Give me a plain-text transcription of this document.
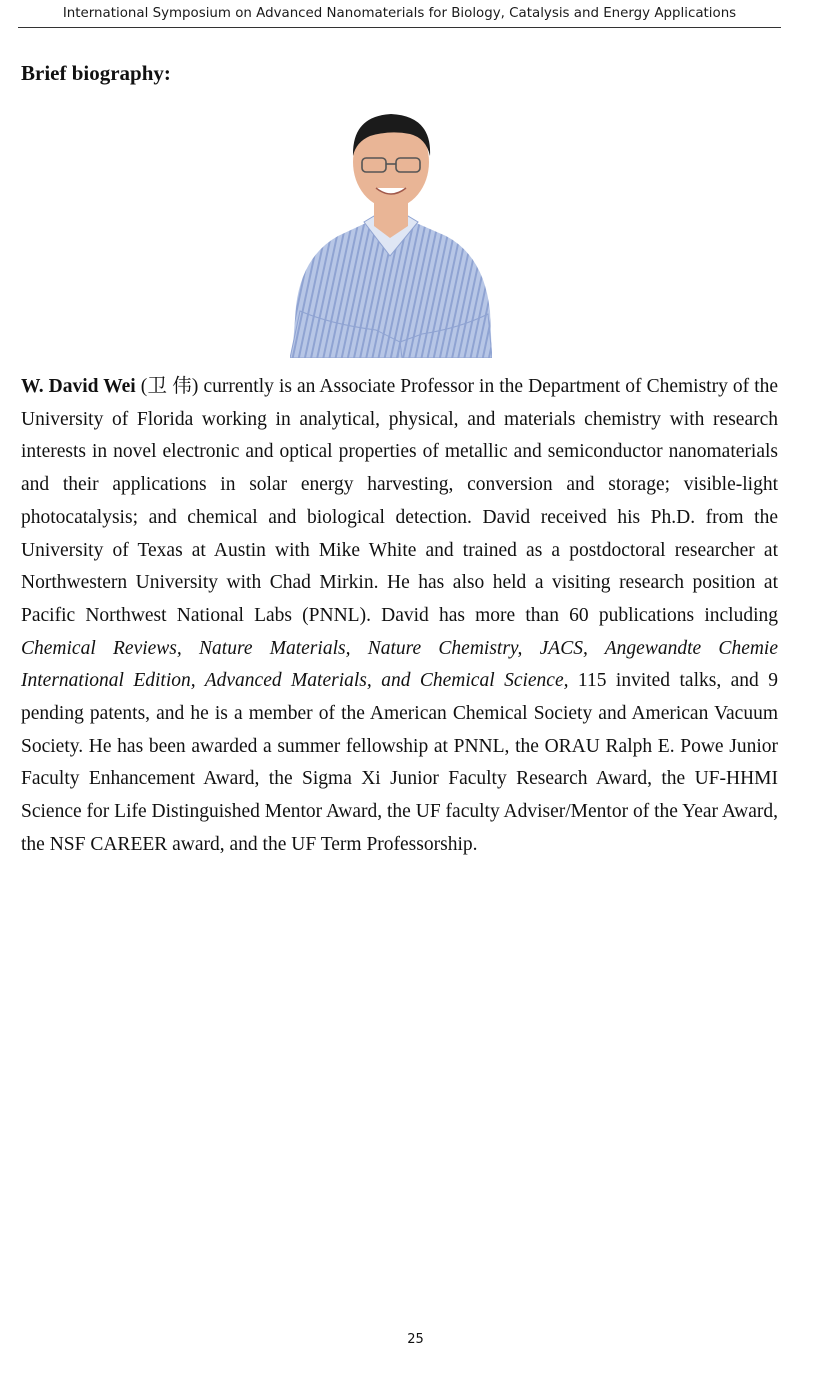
International Symposium on Advanced Nanomaterials for Biology, Catalysis and Energy Applications
Brief biography:

W. David Wei (卫 伟) currently is an Associate Professor in the Department of Chemistry of the University of Florida working in analytical, physical, and materials chemistry with research interests in novel electronic and optical properties of metallic and semiconductor nanomaterials and their applications in solar energy harvesting, conversion and storage; visible-light photocatalysis; and chemical and biological detection. David received his Ph.D. from the University of Texas at Austin with Mike White and trained as a postdoctoral researcher at Northwestern University with Chad Mirkin. He has also held a visiting research position at Pacific Northwest National Labs (PNNL). David has more than 60 publications including Chemical Reviews, Nature Materials, Nature Chemistry, JACS, Angewandte Chemie International Edition, Advanced Materials, and Chemical Science, 115 invited talks, and 9 pending patents, and he is a member of the American Chemical Society and American Vacuum Society. He has been awarded a summer fellowship at PNNL, the ORAU Ralph E. Powe Junior Faculty Enhancement Award, the Sigma Xi Junior Faculty Research Award, the UF-HHMI Science for Life Distinguished Mentor Award, the UF faculty Adviser/Mentor of the Year Award, the NSF CAREER award, and the UF Term Professorship.

25
